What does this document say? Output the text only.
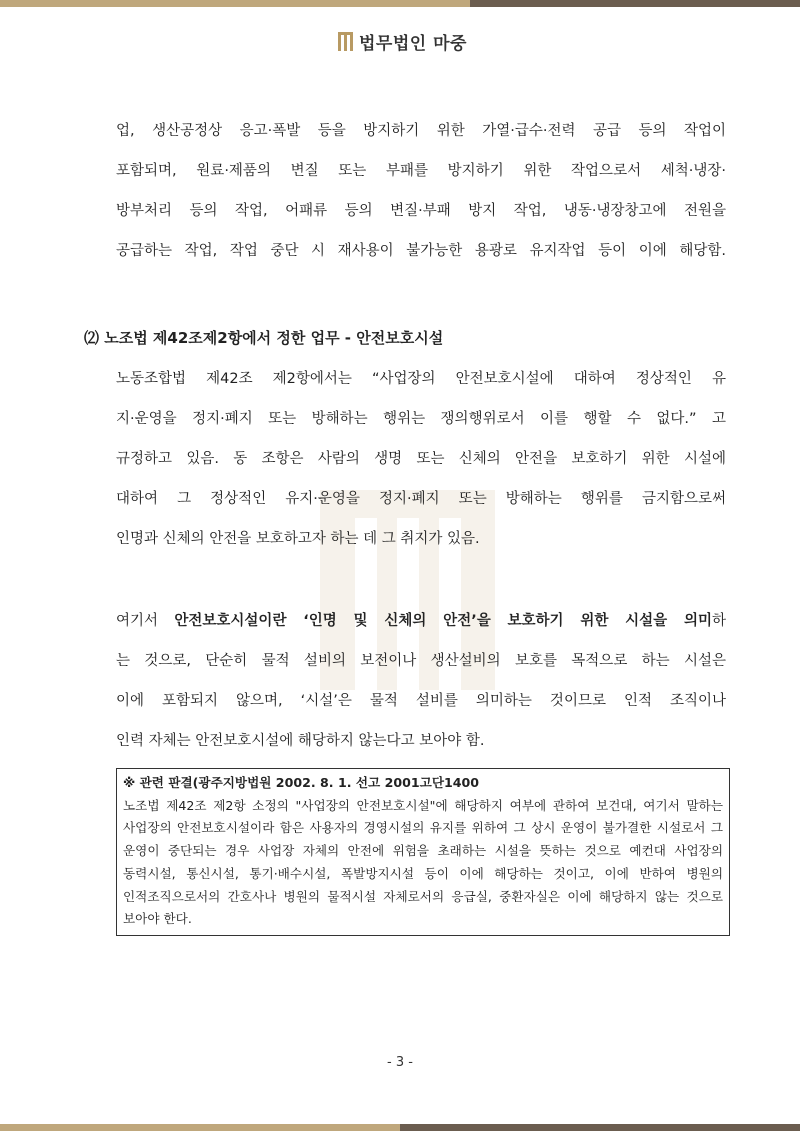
법무법인 마중

업, 생산공정상 응고·폭발 등을 방지하기 위한 가열·급수·전력 공급 등의 작업이

포함되며, 원료·제품의 변질 또는 부패를 방지하기 위한 작업으로서 세척·냉장·

방부처리 등의 작업, 어패류 등의 변질·부패 방지 작업, 냉동·냉장창고에 전원을

공급하는 작업, 작업 중단 시 재사용이 불가능한 용광로 유지작업 등이 이에 해당함.

⑵ 노조법 제42조제2항에서 정한 업무 - 안전보호시설

노동조합법 제42조 제2항에서는 “사업장의 안전보호시설에 대하여 정상적인 유

지·운영을 정지·폐지 또는 방해하는 행위는 쟁의행위로서 이를 행할 수 없다.” 고

규정하고 있음. 동 조항은 사람의 생명 또는 신체의 안전을 보호하기 위한 시설에

대하여 그 정상적인 유지·운영을 정지·폐지 또는 방해하는 행위를 금지함으로써

인명과 신체의 안전을 보호하고자 하는 데 그 취지가 있음.

여기서 안전보호시설이란 ‘인명 및 신체의 안전’을 보호하기 위한 시설을 의미하

는 것으로, 단순히 물적 설비의 보전이나 생산설비의 보호를 목적으로 하는 시설은

이에 포함되지 않으며, ‘시설’은 물적 설비를 의미하는 것이므로 인적 조직이나

인력 자체는 안전보호시설에 해당하지 않는다고 보아야 함.

※ 관련 판결(광주지방법원 2002. 8. 1. 선고 2001고단1400

노조법 제42조 제2항 소정의 "사업장의 안전보호시설"에 해당하지 여부에 관하여 보건대, 여기서 말하는 사업장의 안전보호시설이라 함은 사용자의 경영시설의 유지를 위하여 그 상시 운영이 불가결한 시설로서 그 운영이 중단되는 경우 사업장 자체의 안전에 위험을 초래하는 시설을 뜻하는 것으로 예컨대 사업장의 동력시설, 통신시설, 통기·배수시설, 폭발방지시설 등이 이에 해당하는 것이고, 이에 반하여 병원의 인적조직으로서의 간호사나 병원의 물적시설 자체로서의 응급실, 중환자실은 이에 해당하지 않는 것으로 보아야 한다.

- 3 -
